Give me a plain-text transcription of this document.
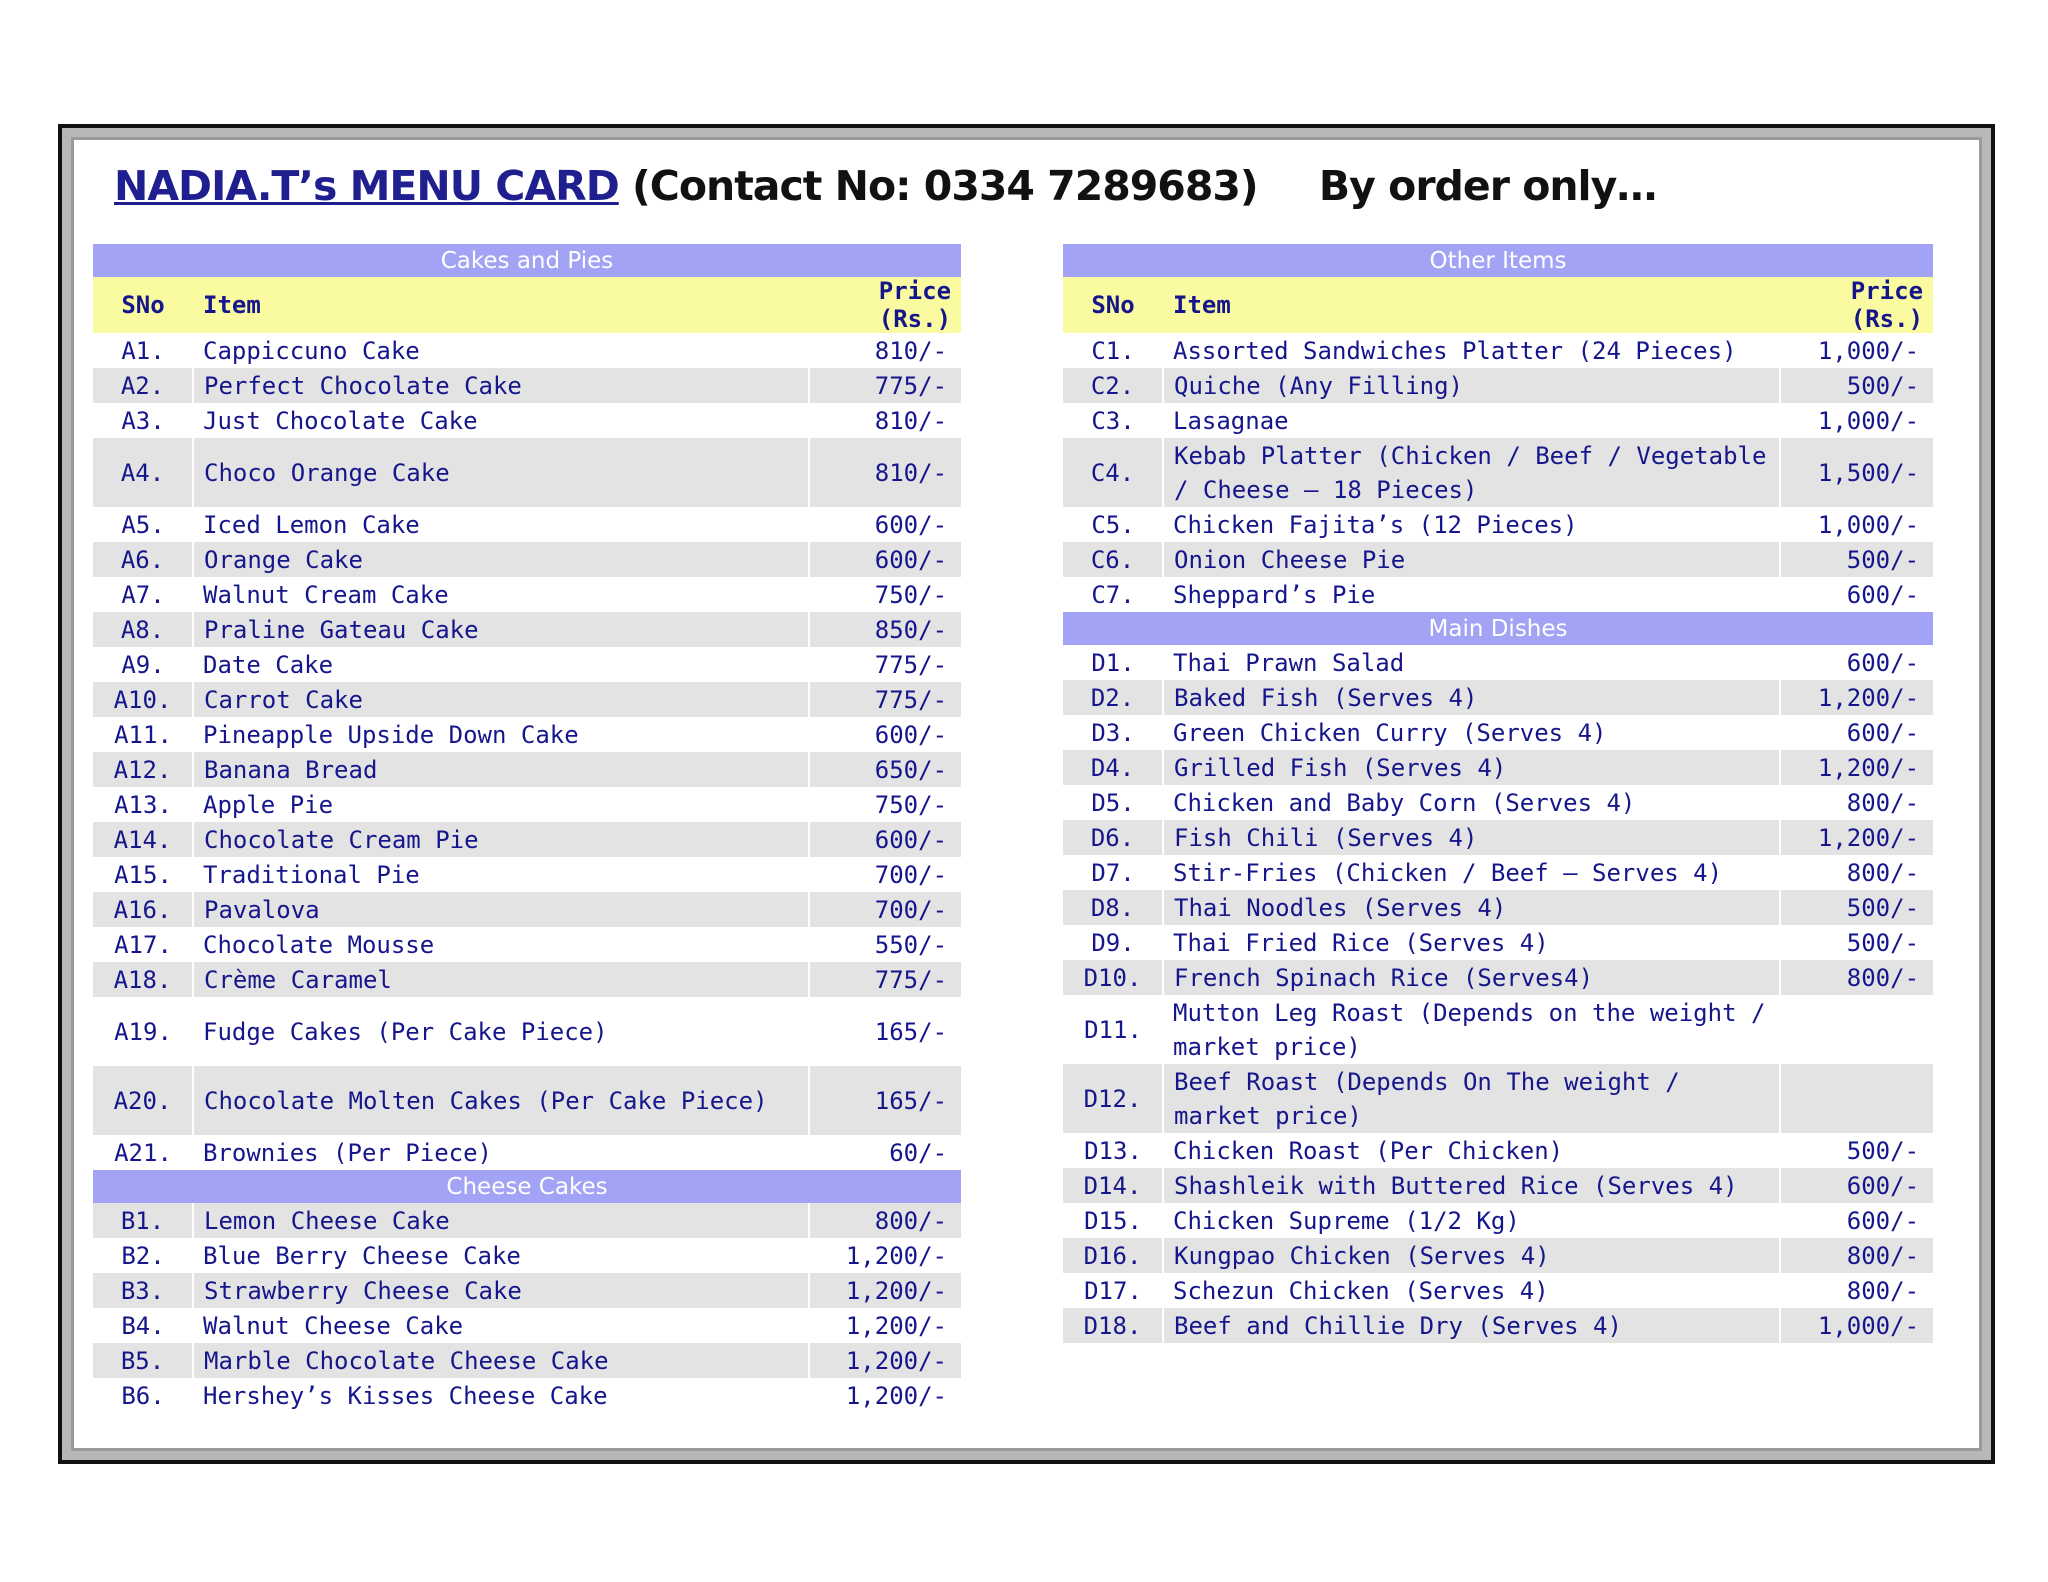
NADIA.T’s MENU CARD (Contact No: 0334 7289683) By order only…
Cakes and Pies		
SNo	Item	Price (Rs.)

A1.	Cappiccuno Cake	810/-

A2.	Perfect Chocolate Cake	775/-

A3.	Just Chocolate Cake	810/-

A4.	Choco Orange Cake	810/-

A5.	Iced Lemon Cake	600/-

A6.	Orange Cake	600/-

A7.	Walnut Cream Cake	750/-

A8.	Praline Gateau Cake	850/-

A9.	Date Cake	775/-

A10.	Carrot Cake	775/-

A11.	Pineapple Upside Down Cake	600/-

A12.	Banana Bread	650/-

A13.	Apple Pie	750/-

A14.	Chocolate Cream Pie	600/-

A15.	Traditional Pie	700/-

A16.	Pavalova	700/-

A17.	Chocolate Mousse	550/-

A18.	Crème Caramel	775/-

A19.	Fudge Cakes (Per Cake Piece)	165/-

A20.	Chocolate Molten Cakes (Per Cake Piece)	165/-

A21.	Brownies (Per Piece)	60/-

Cheese Cakes		

B1.	Lemon Cheese Cake	800/-

B2.	Blue Berry Cheese Cake	1,200/-

B3.	Strawberry Cheese Cake	1,200/-

B4.	Walnut Cheese Cake	1,200/-

B5.	Marble Chocolate Cheese Cake	1,200/-

B6.	Hershey’s Kisses Cheese Cake	1,200/-
Other Items		
SNo	Item	Price (Rs.)

C1.	Assorted Sandwiches Platter (24 Pieces)	1,000/-

C2.	Quiche (Any Filling)	500/-

C3.	Lasagnae	1,000/-

C4.	Kebab Platter (Chicken / Beef / Vegetable / Cheese – 18 Pieces)	1,500/-

C5.	Chicken Fajita’s (12 Pieces)	1,000/-

C6.	Onion Cheese Pie	500/-

C7.	Sheppard’s Pie	600/-

Main Dishes		

D1.	Thai Prawn Salad	600/-

D2.	Baked Fish (Serves 4)	1,200/-

D3.	Green Chicken Curry (Serves 4)	600/-

D4.	Grilled Fish (Serves 4)	1,200/-

D5.	Chicken and Baby Corn (Serves 4)	800/-

D6.	Fish Chili (Serves 4)	1,200/-

D7.	Stir-Fries (Chicken / Beef – Serves 4)	800/-

D8.	Thai Noodles (Serves 4)	500/-

D9.	Thai Fried Rice (Serves 4)	500/-

D10.	French Spinach Rice (Serves4)	800/-

D11.	Mutton Leg Roast (Depends on the weight / market price)	

D12.	Beef Roast (Depends On The weight / market price)	

D13.	Chicken Roast (Per Chicken)	500/-

D14.	Shashleik with Buttered Rice (Serves 4)	600/-

D15.	Chicken Supreme (1/2 Kg)	600/-

D16.	Kungpao Chicken (Serves 4)	800/-

D17.	Schezun Chicken (Serves 4)	800/-

D18.	Beef and Chillie Dry (Serves 4)	1,000/-
